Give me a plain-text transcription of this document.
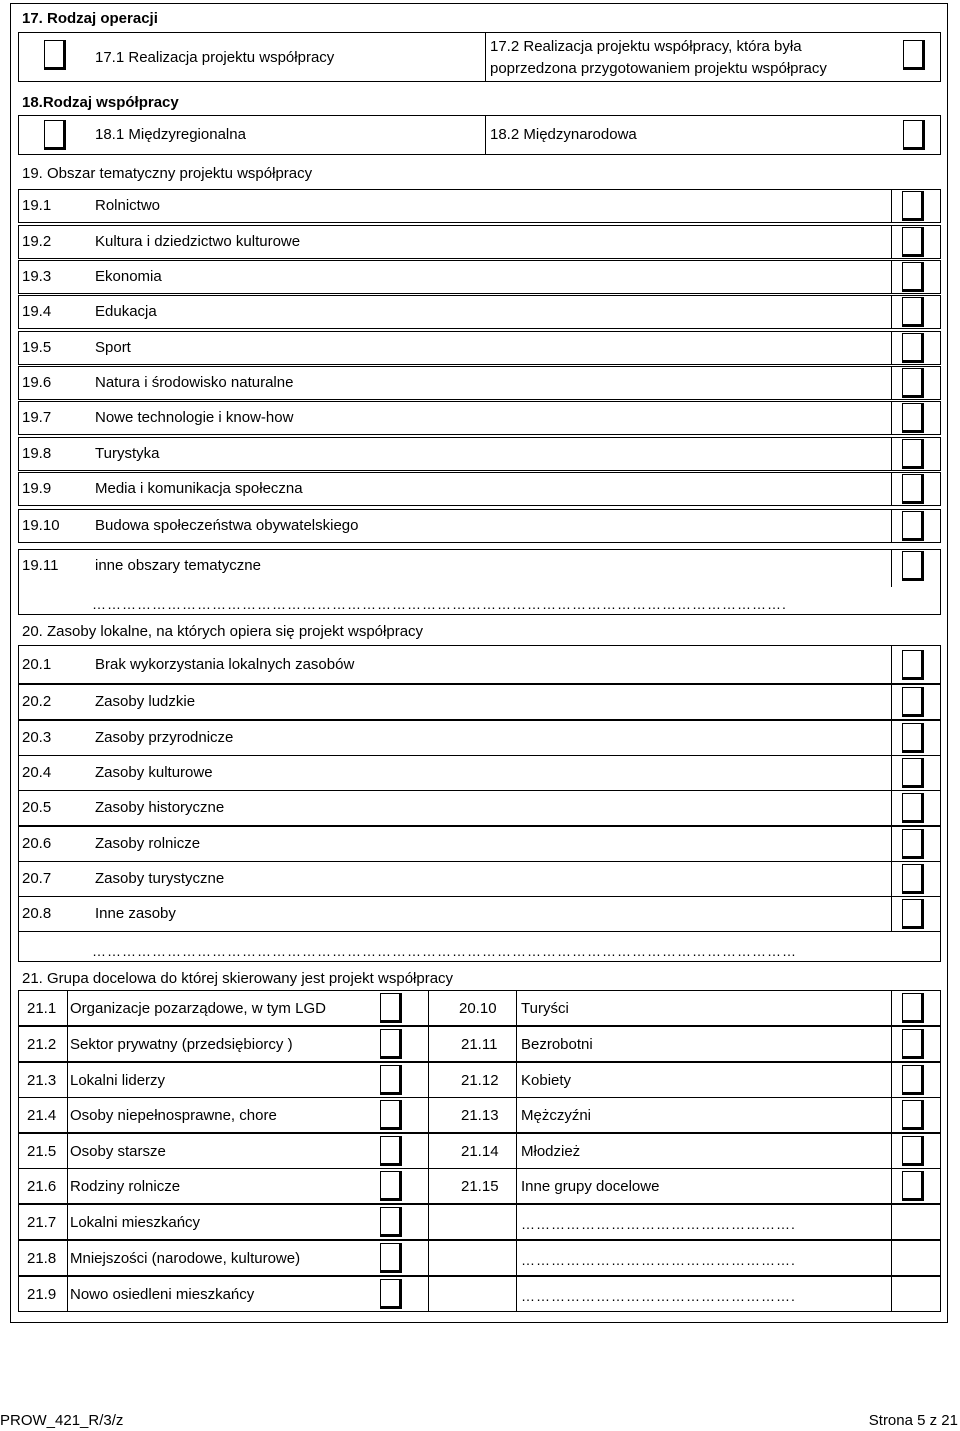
17. Rodzaj operacji
17.1 Realizacja projektu współpracy
17.2 Realizacja projektu współpracy, która była
poprzedzona przygotowaniem projektu współpracy
18.Rodzaj współpracy
18.1 Międzyregionalna	18.2 Międzynarodowa
19. Obszar tematyczny projektu współpracy
19.1	Rolnictwo
19.2	Kultura i dziedzictwo kulturowe
19.3	Ekonomia
19.4	Edukacja
19.5	Sport
19.6	Natura i środowisko naturalne
19.7	Nowe technologie i know-how
19.8	Turystyka
19.9	Media i komunikacja społeczna
19.10 Budowa społeczeństwa obywatelskiego
19.11 inne obszary tematyczne
………………………………………………………………………………………………………………………….
20. Zasoby lokalne, na których opiera się projekt współpracy
20.1	Brak wykorzystania lokalnych zasobów
20.2	Zasoby ludzkie
20.3	Zasoby przyrodnicze
20.4	Zasoby kulturowe
20.5	Zasoby historyczne
20.6	Zasoby rolnicze
20.7	Zasoby turystyczne
20.8	Inne zasoby
……………………………………………………………………………………………………………………………
21. Grupa docelowa do której skierowany jest projekt współpracy
21.1 Organizacje pozarządowe, w tym LGD	20.10 Turyści
21.2 Sektor prywatny (przedsiębiorcy )	21.11 Bezrobotni
21.3 Lokalni liderzy	21.12 Kobiety
21.4 Osoby niepełnosprawne, chore	21.13 Mężczyźni
21.5 Osoby starsze	21.14 Młodzież
21.6 Rodziny rolnicze	21.15 Inne grupy docelowe
21.7 Lokalni mieszkańcy	……………………………………………….
21.8 Mniejszości (narodowe, kulturowe)	……………………………………………….
21.9 Nowo osiedleni mieszkańcy	……………………………………………….
PROW_421_R/3/z	Strona 5 z 21
